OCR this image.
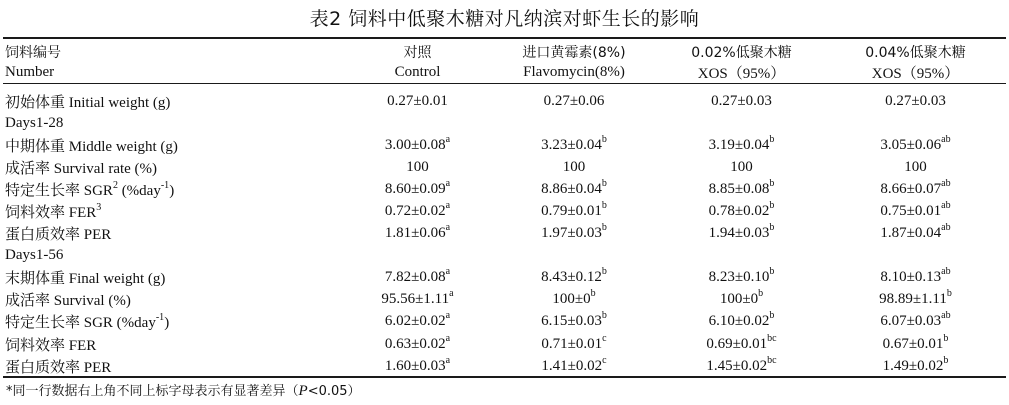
表2 饲料中低聚木糖对凡纳滨对虾生长的影响
饲料编号	对照	进口黄霉素(8%)	0.02%低聚木糖	0.04%低聚木糖
Number	Control	Flavomycin(8%)	XOS（95%）	XOS（95%）

初始体重 Initial weight (g)	0.27±0.01	0.27±0.06	0.27±0.03	0.27±0.03
Days1-28				
中期体重 Middle weight (g)	3.00±0.08$^a$	3.23±0.04$^b$	3.19±0.04$^b$	3.05±0.06$^{ab}$
成活率 Survival rate (%)	100	100	100	100
特定生长率 SGR$^2$ (%day$^{-1}$)	8.60±0.09$^a$	8.86±0.04$^b$	8.85±0.08$^b$	8.66±0.07$^{ab}$
饲料效率 FER$^3$	0.72±0.02$^a$	0.79±0.01$^b$	0.78±0.02$^b$	0.75±0.01$^{ab}$
蛋白质效率 PER	1.81±0.06$^a$	1.97±0.03$^b$	1.94±0.03$^b$	1.87±0.04$^{ab}$
Days1-56				
末期体重 Final weight (g)	7.82±0.08$^a$	8.43±0.12$^b$	8.23±0.10$^b$	8.10±0.13$^{ab}$
成活率 Survival (%)	95.56±1.11$^a$	$100\pm 0^b$	$100\pm 0^b$	98.89±1.11$^b$
特定生长率 SGR (%day$^{-1}$)	6.02±0.02$^a$	6.15±0.03$^b$	6.10±0.02$^b$	6.07±0.03$^{ab}$
饲料效率 FER	0.63±0.02$^a$	0.71±0.01$^c$	0.69±0.01$^{bc}$	0.67±0.01$^b$
蛋白质效率 PER	1.60±0.03$^a$	1.41±0.02$^c$	1.45±0.02$^{bc}$	1.49±0.02$^b$
*同一行数据右上角不同上标字母表示有显著差异（P<0.05）
